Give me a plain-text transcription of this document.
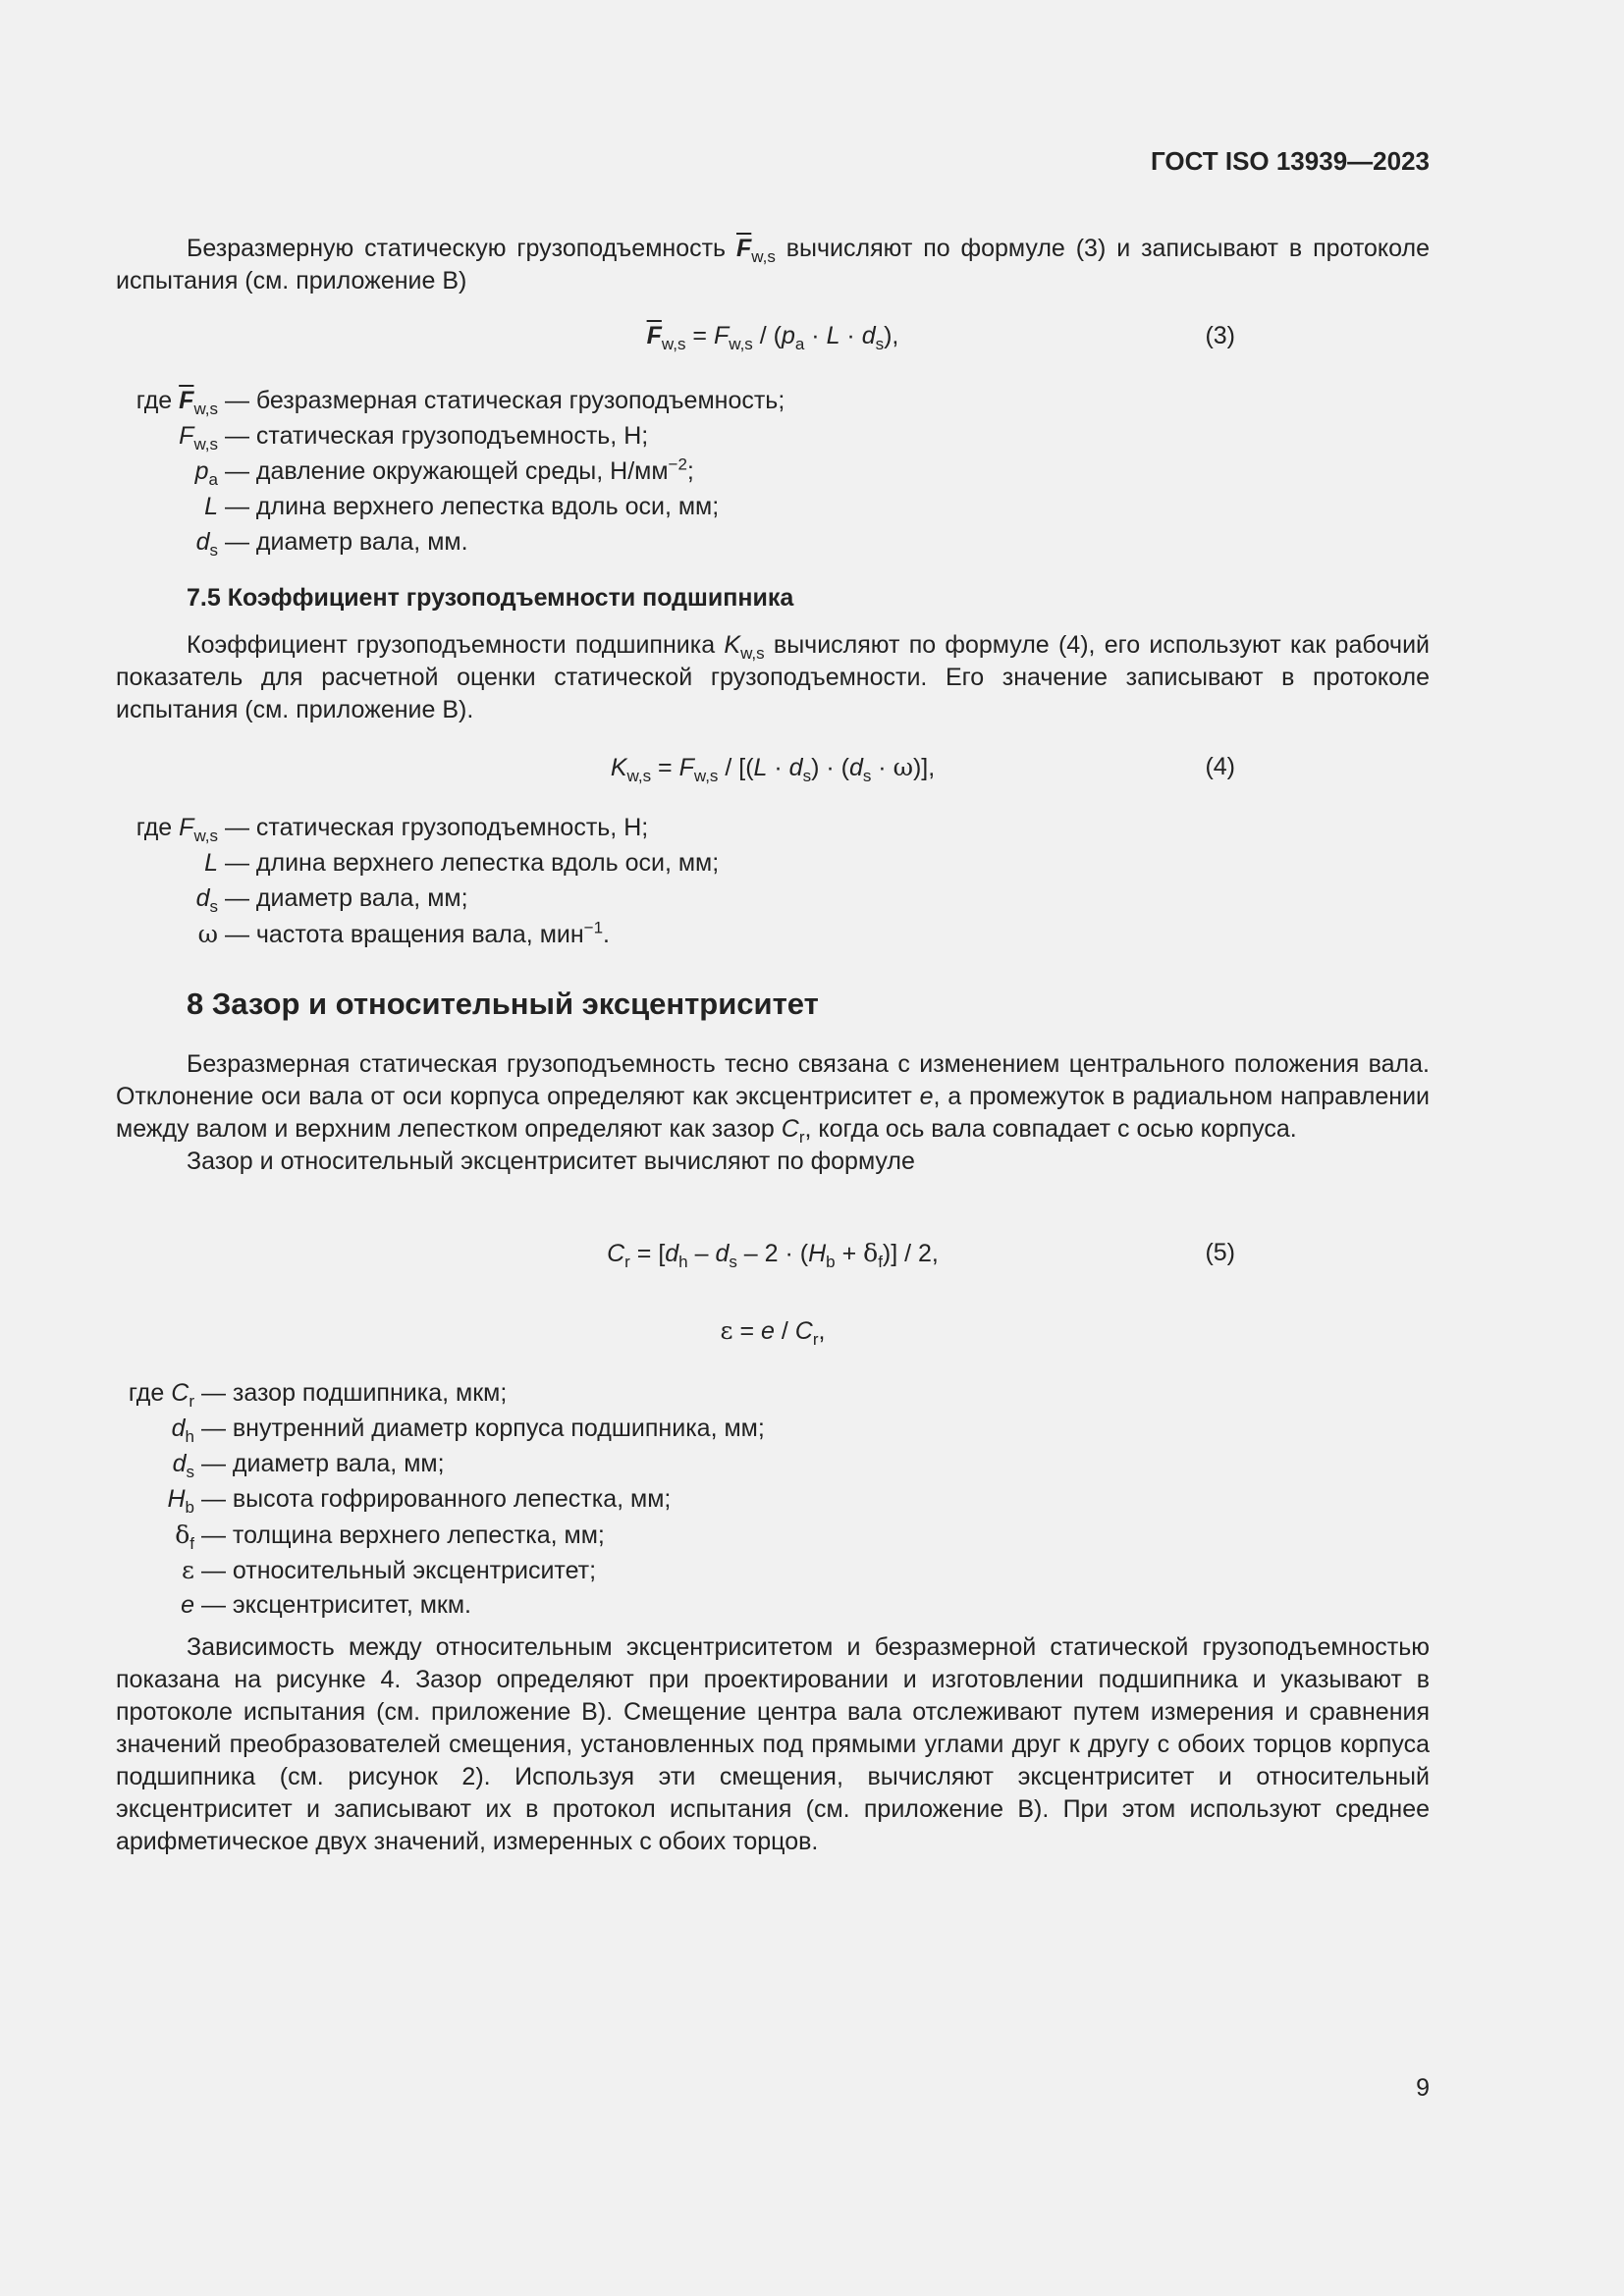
ГОСТ ISO 13939—2023

Безразмерную статическую грузоподъемность $\overline{F}_{w,s}$ вычисляют по формуле (3) и записывают в протоколе испытания (см. приложение В)

$\overline{F}_{w,s} = F_{w,s} / (p_a \cdot L \cdot d_s)$,	(3)
где $\overline{F}_{w,s}$ — безразмерная статическая грузоподъемность;
$F_{w,s}$ — статическая грузоподъемность, Н;
$p_a$ — давление окружающей среды, $Н/мм^{-2}$;
L — длина верхнего лепестка вдоль оси, мм;
$d_s$ — диаметр вала, мм.
7.5 Коэффициент грузоподъемности подшипника

Коэффициент грузоподъемности подшипника $K_{w,s}$ вычисляют по формуле (4), его используют как рабочий показатель для расчетной оценки статической грузоподъемности. Его значение записывают в протоколе испытания (см. приложение В).

$K_{w,s} = F_{w,s} / [(L \cdot d_s) \cdot (d_s \cdot \omega)]$,	(4)
где $F_{w,s}$ — статическая грузоподъемность, Н;
L — длина верхнего лепестка вдоль оси, мм;
$d_s$ — диаметр вала, мм;
ω — частота вращения вала, мин$^{-1}$.
8 Зазор и относительный эксцентриситет

Безразмерная статическая грузоподъемность тесно связана с изменением центрального положения вала. Отклонение оси вала от оси корпуса определяют как эксцентриситет e, а промежуток в радиальном направлении между валом и верхним лепестком определяют как зазор $C_r$, когда ось вала совпадает с осью корпуса.

Зазор и относительный эксцентриситет вычисляют по формуле

$C_r = [d_h - d_s - 2 \cdot (H_b + \delta_f)] / 2$,	(5)
$\varepsilon = e / C_r$,
где $C_r$ — зазор подшипника, мкм;
$d_h$ — внутренний диаметр корпуса подшипника, мм;
$d_s$ — диаметр вала, мм;
$H_b$ — высота гофрированного лепестка, мм;
$\delta_f$ — толщина верхнего лепестка, мм;
ε — относительный эксцентриситет;
e — эксцентриситет, мкм.

Зависимость между относительным эксцентриситетом и безразмерной статической грузоподъемностью показана на рисунке 4. Зазор определяют при проектировании и изготовлении подшипника и указывают в протоколе испытания (см. приложение В). Смещение центра вала отслеживают путем измерения и сравнения значений преобразователей смещения, установленных под прямыми углами друг к другу с обоих торцов корпуса подшипника (см. рисунок 2). Используя эти смещения, вычисляют эксцентриситет и относительный эксцентриситет и записывают их в протокол испытания (см. приложение В). При этом используют среднее арифметическое двух значений, измеренных с обоих торцов.

9
